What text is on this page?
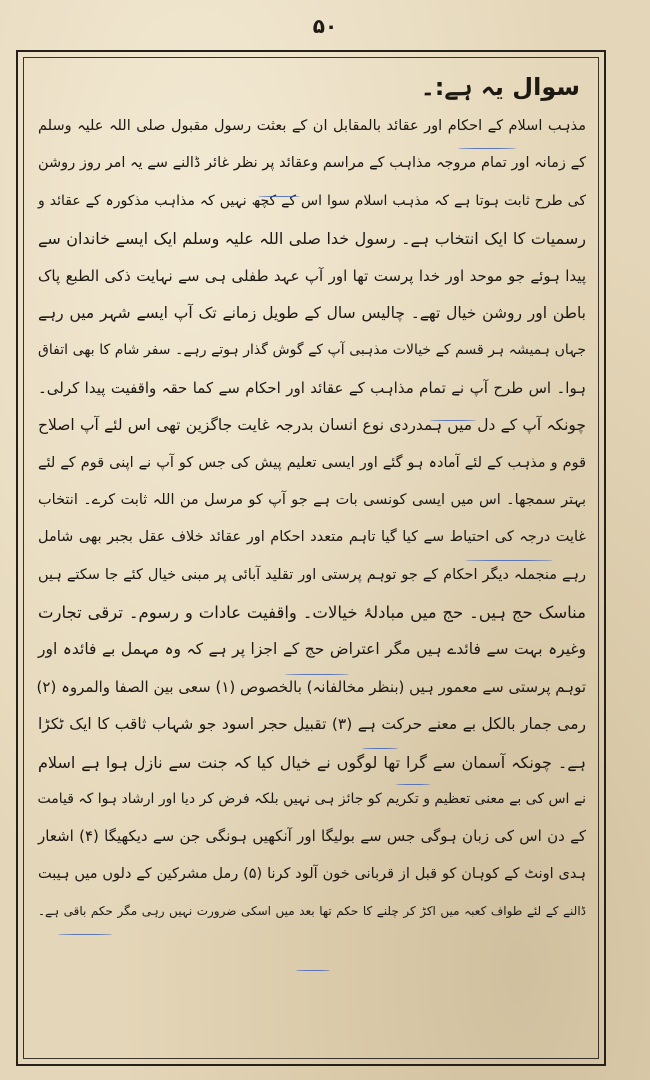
۵۰
سوال یہ ہے:۔
مذہب اسلام کے احکام اور عقائد بالمقابل ان کے بعثت رسول مقبول صلی اللہ علیہ وسلم
کے زمانہ اور تمام مروجہ مذاہب کے مراسم وعقائد پر نظر غائر ڈالنے سے یہ امر روز روشن
کی طرح ثابت ہوتا ہے کہ مذہب اسلام سوا اس کے کچھ نہیں کہ مذاہب مذکورہ کے عقائد و
رسمیات کا ایک انتخاب ہے۔ رسول خدا صلی اللہ علیہ وسلم ایک ایسے خاندان سے
پیدا ہوئے جو موحد اور خدا پرست تھا اور آپ عہد طفلی ہی سے نہایت ذکی الطبع پاک
باطن اور روشن خیال تھے۔ چالیس سال کے طویل زمانے تک آپ ایسے شہر میں رہے
جہاں ہمیشہ ہر قسم کے خیالات مذہبی آپ کے گوش گذار ہوتے رہے۔ سفر شام کا بھی اتفاق
ہوا۔ اس طرح آپ نے تمام مذاہب کے عقائد اور احکام سے کما حقہ واقفیت پیدا کرلی۔
چونکہ آپ کے دل میں ہمدردی نوع انسان بدرجہ غایت جاگزین تھی اس لئے آپ اصلاح
قوم و مذہب کے لئے آمادہ ہو گئے اور ایسی تعلیم پیش کی جس کو آپ نے اپنی قوم کے لئے
بہتر سمجھا۔ اس میں ایسی کونسی بات ہے جو آپ کو مرسل من اللہ ثابت کرے۔ انتخاب
غایت درجہ کی احتیاط سے کیا گیا تاہم متعدد احکام اور عقائد خلاف عقل بجبر بھی شامل
رہے منجملہ دیگر احکام کے جو توہم پرستی اور تقلید آبائی پر مبنی خیال کئے جا سکتے ہیں
مناسک حج ہیں۔ حج میں مبادلۂ خیالات۔ واقفیت عادات و رسوم۔ ترقی تجارت
وغیرہ بہت سے فائدے ہیں مگر اعتراض حج کے اجزا پر ہے کہ وہ مہمل بے فائدہ اور
توہم پرستی سے معمور ہیں (بنظر مخالفانہ) بالخصوص (۱) سعی بین الصفا والمروہ (۲)
رمی جمار بالکل بے معنے حرکت ہے (۳) تقبیل حجر اسود جو شہاب ثاقب کا ایک ٹکڑا
ہے۔ چونکہ آسمان سے گرا تھا لوگوں نے خیال کیا کہ جنت سے نازل ہوا ہے اسلام
نے اس کی بے معنی تعظیم و تکریم کو جائز ہی نہیں بلکہ فرض کر دیا اور ارشاد ہوا کہ قیامت
کے دن اس کی زبان ہوگی جس سے بولیگا اور آنکھیں ہونگی جن سے دیکھیگا (۴) اشعار
ہدی اونٹ کے کوہان کو قبل از قربانی خون آلود کرنا (۵) رمل مشرکین کے دلوں میں ہیبت
ڈالنے کے لئے طواف کعبہ میں اکڑ کر چلنے کا حکم تھا بعد میں اسکی ضرورت نہیں رہی مگر حکم باقی ہے۔
